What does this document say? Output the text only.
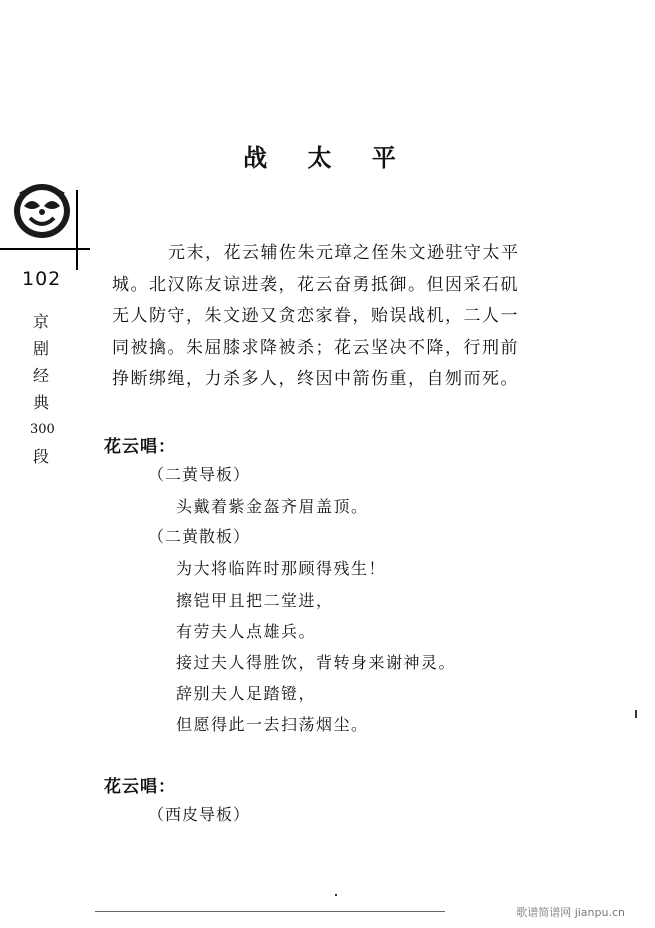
战 太 平
102
京
剧
经
典
300
段
元末，花云辅佐朱元璋之侄朱文逊驻守太平
城。北汉陈友谅进袭，花云奋勇抵御。但因采石矶
无人防守，朱文逊又贪恋家眷，贻误战机，二人一
同被擒。朱屈膝求降被杀；花云坚决不降，行刑前
挣断绑绳，力杀多人，终因中箭伤重，自刎而死。
花云唱：
（二黄导板）
头戴着紫金盔齐眉盖顶。
（二黄散板）
为大将临阵时那顾得残生！
擦铠甲且把二堂进，
有劳夫人点雄兵。
接过夫人得胜饮，背转身来谢神灵。
辞别夫人足踏镫，
但愿得此一去扫荡烟尘。
花云唱：
（西皮导板）
歌谱简谱网 jianpu.cn
